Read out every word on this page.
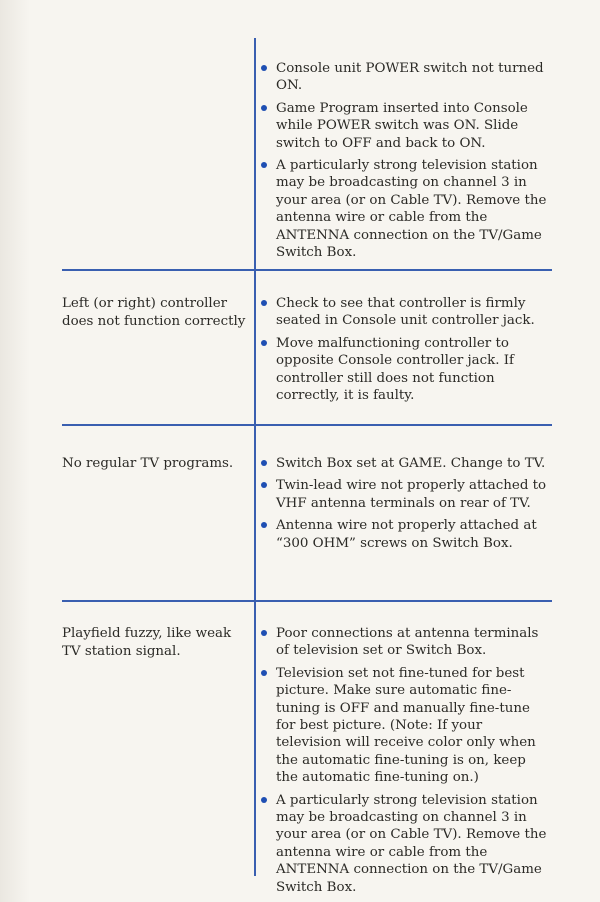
Console unit POWER switch not turned ON.
Game Program inserted into Console while POWER switch was ON. Slide switch to OFF and back to ON.
A particularly strong television station may be broadcasting on channel 3 in your area (or on Cable TV). Remove the antenna wire or cable from the ANTENNA connection on the TV/Game Switch Box.
Left (or right) controller does not function correctly
Check to see that controller is firmly seated in Console unit controller jack.
Move malfunctioning controller to opposite Console controller jack. If controller still does not function correctly, it is faulty.
No regular TV programs.	Switch Box set at GAME. Change to TV.
Twin-lead wire not properly attached to VHF antenna terminals on rear of TV.
Antenna wire not properly attached at “300 OHM” screws on Switch Box.
Playfield fuzzy, like weak TV station signal.
Poor connections at antenna terminals of television set or Switch Box.
Television set not fine-tuned for best picture. Make sure automatic fine-tuning is OFF and manually fine-tune for best picture. (Note: If your television will receive color only when the automatic fine-tuning is on, keep the automatic fine-tuning on.)
A particularly strong television station may be broadcasting on channel 3 in your area (or on Cable TV). Remove the antenna wire or cable from the ANTENNA connection on the TV/Game Switch Box.
